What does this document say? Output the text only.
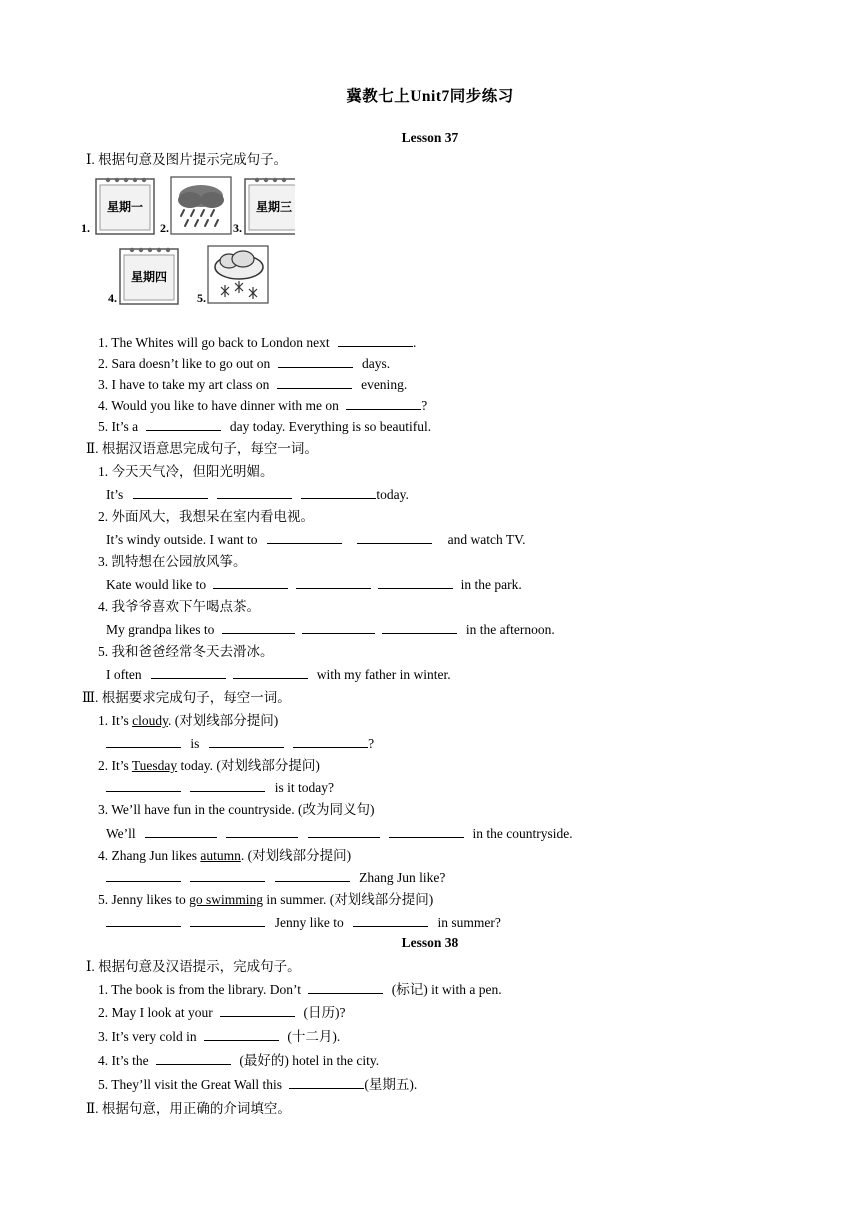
冀教七上Unit7同步练习
Lesson 37
Ⅰ. 根据句意及图片提示完成句子。
1.
星期一
2.	3.
星期三
4.
星期四
5.
1. The Whites will go back to London next	.
2. Sara doesn’t like to go out on	days.
3. I have to take my art class on	evening.
4. Would you like to have dinner with me on	?
5. It’s a	day today. Everything is so beautiful.
Ⅱ. 根据汉语意思完成句子，每空一词。
1. 今天天气冷，但阳光明媚。
It’s	today.
2. 外面风大，我想呆在室内看电视。
It’s windy outside. I want to	and watch TV.
3. 凯特想在公园放风筝。
Kate would like to	in the park.
4. 我爷爷喜欢下午喝点茶。
My grandpa likes to	in the afternoon.
5. 我和爸爸经常冬天去滑冰。
I often	with my father in winter.
Ⅲ. 根据要求完成句子，每空一词。
1. It’s cloudy. (对划线部分提问)
is	?
2. It’s Tuesday today. (对划线部分提问)
is it today?
3. We’ll have fun in the countryside. (改为同义句)
We’ll	in the countryside.
4. Zhang Jun likes autumn. (对划线部分提问)
Zhang Jun like?
5. Jenny likes to go swimming in summer. (对划线部分提问)
Jenny like to	in summer?
Lesson 38
Ⅰ. 根据句意及汉语提示，完成句子。
1. The book is from the library. Don’t	(标记) it with a pen.
2. May I look at your	(日历)?
3. It’s very cold in	(十二月).
4. It’s the	(最好的) hotel in the city.
5. They’ll visit the Great Wall this	(星期五).
Ⅱ. 根据句意，用正确的介词填空。
